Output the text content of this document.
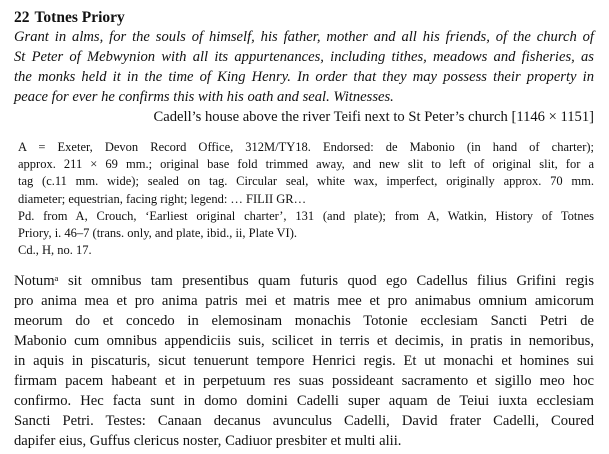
22 Totnes Priory
Grant in alms, for the souls of himself, his father, mother and all his friends, of the church of
St Peter of Mebwynion with all its appurtenances, including tithes, meadows and fisheries, as
the monks held it in the time of King Henry. In order that they may possess their property in
peace for ever he confirms this with his oath and seal. Witnesses.

Cadell’s house above the river Teifi next to St Peter’s church [1146 × 1151]

A = Exeter, Devon Record Office, 312M/TY18. Endorsed: de Mabonio (in hand of charter);
approx. 211 × 69 mm.; original base fold trimmed away, and new slit to left of original slit, for a
tag (c.11 mm. wide); sealed on tag. Circular seal, white wax, imperfect, originally approx. 70 mm.
diameter; equestrian, facing right; legend: … FILII GR…
Pd. from A, Crouch, ‘Earliest original charter’, 131 (and plate); from A, Watkin, History of Totnes
Priory, i. 46–7 (trans. only, and plate, ibid., ii, Plate VI).
Cd., H, no. 17.
Notumᵃ sit omnibus tam presentibus quam futuris quod ego Cadellus filius Grifini regis
pro anima mea et pro anima patris mei et matris mee et pro animabus omnium amicorum
meorum do et concedo in elemosinam monachis Totonie ecclesiam Sancti Petri de
Mabonio cum omnibus appendiciis suis, scilicet in terris et decimis, in pratis in nemoribus,
in aquis in piscaturis, sicut tenuerunt tempore Henrici regis. Et ut monachi et homines sui
firmam pacem habeant et in perpetuum res suas possideant sacramento et sigillo meo hoc
confirmo. Hec facta sunt in domo domini Cadelli super aquam de Teiui iuxta ecclesiam
Sancti Petri. Testes: Canaan decanus avunculus Cadelli, David frater Cadelli, Coured
dapifer eius, Guffus clericus noster, Cadiuor presbiter et multi alii.
